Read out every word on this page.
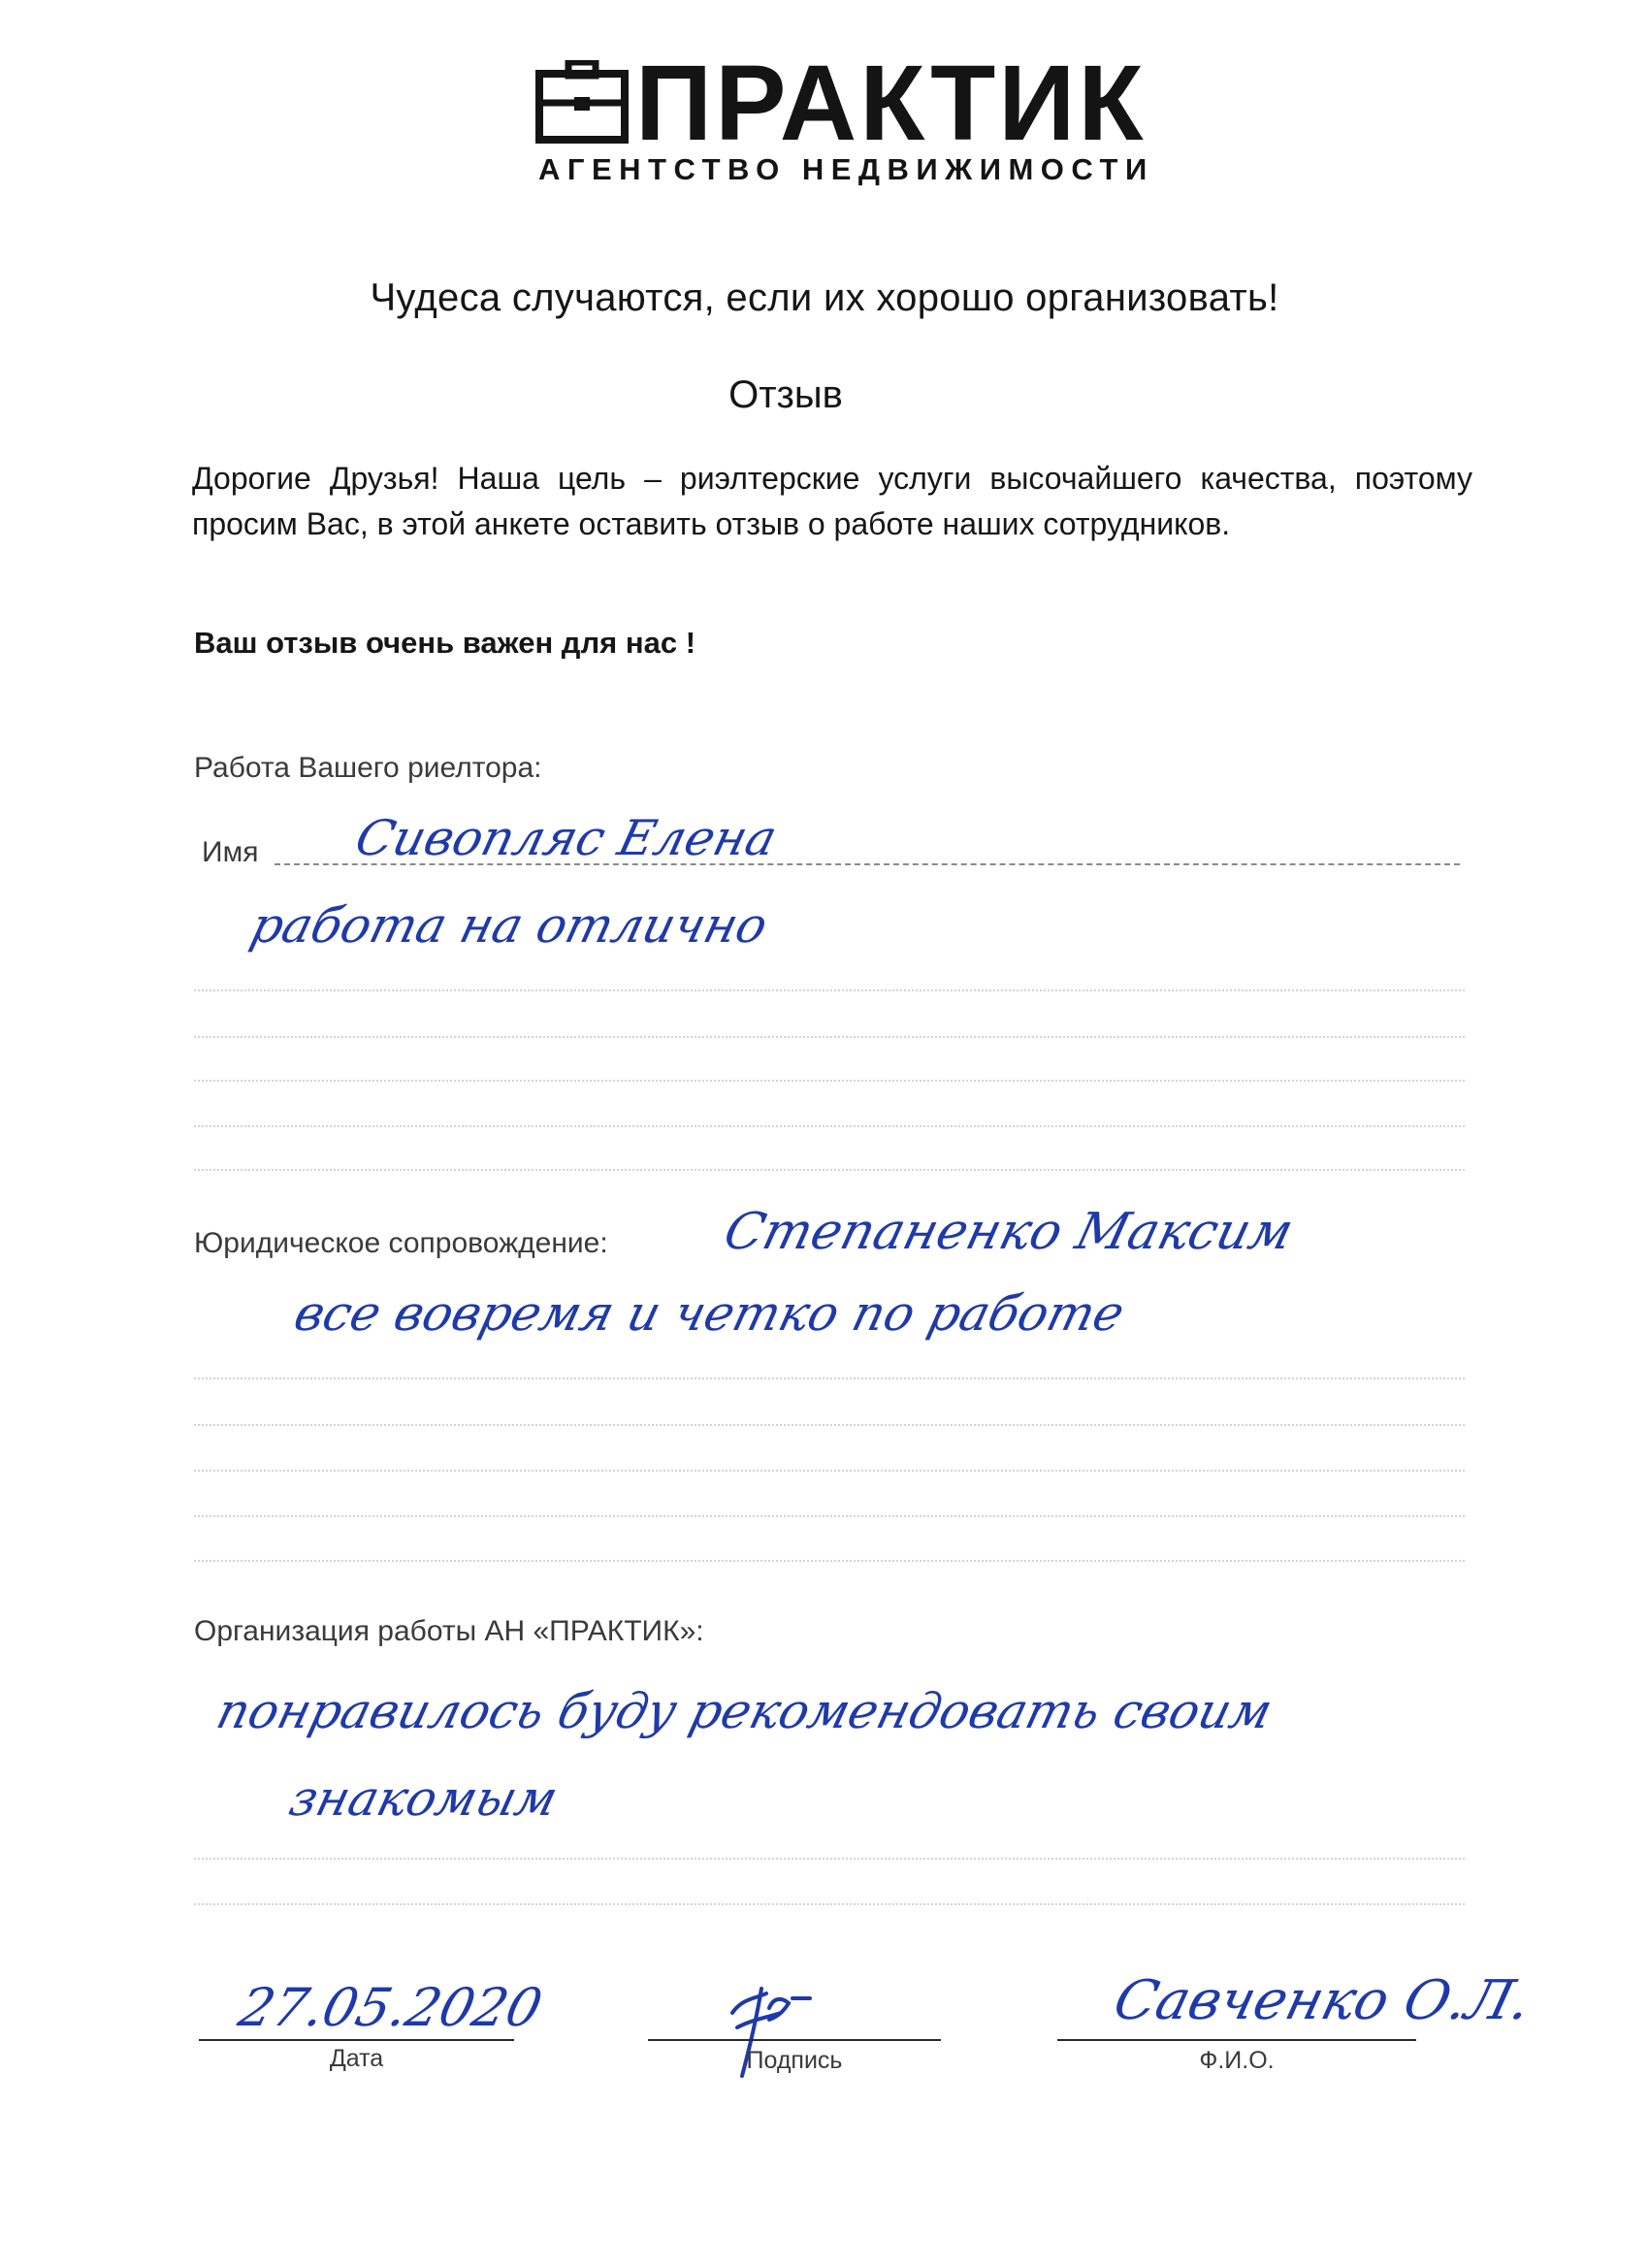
ПРАКТИК
АГЕНТСТВО НЕДВИЖИМОСТИ
Чудеса случаются, если их хорошо организовать!
Отзыв
Дорогие Друзья! Наша цель – риэлтерские услуги высочайшего качества, поэтому просим Вас, в этой анкете оставить отзыв о работе наших сотрудников.
Ваш отзыв очень важен для нас !
Работа Вашего риелтора:
Имя Сивопляс Елена
работа на отлично
Юридическое сопровождение: Степаненко Максим
все вовремя и четко по работе
Организация работы АН «ПРАКТИК»:
понравилось буду рекомендовать своим
знакомым
27.05.2020
Дата	Подпись
Савченко О.Л.
Ф.И.О.
